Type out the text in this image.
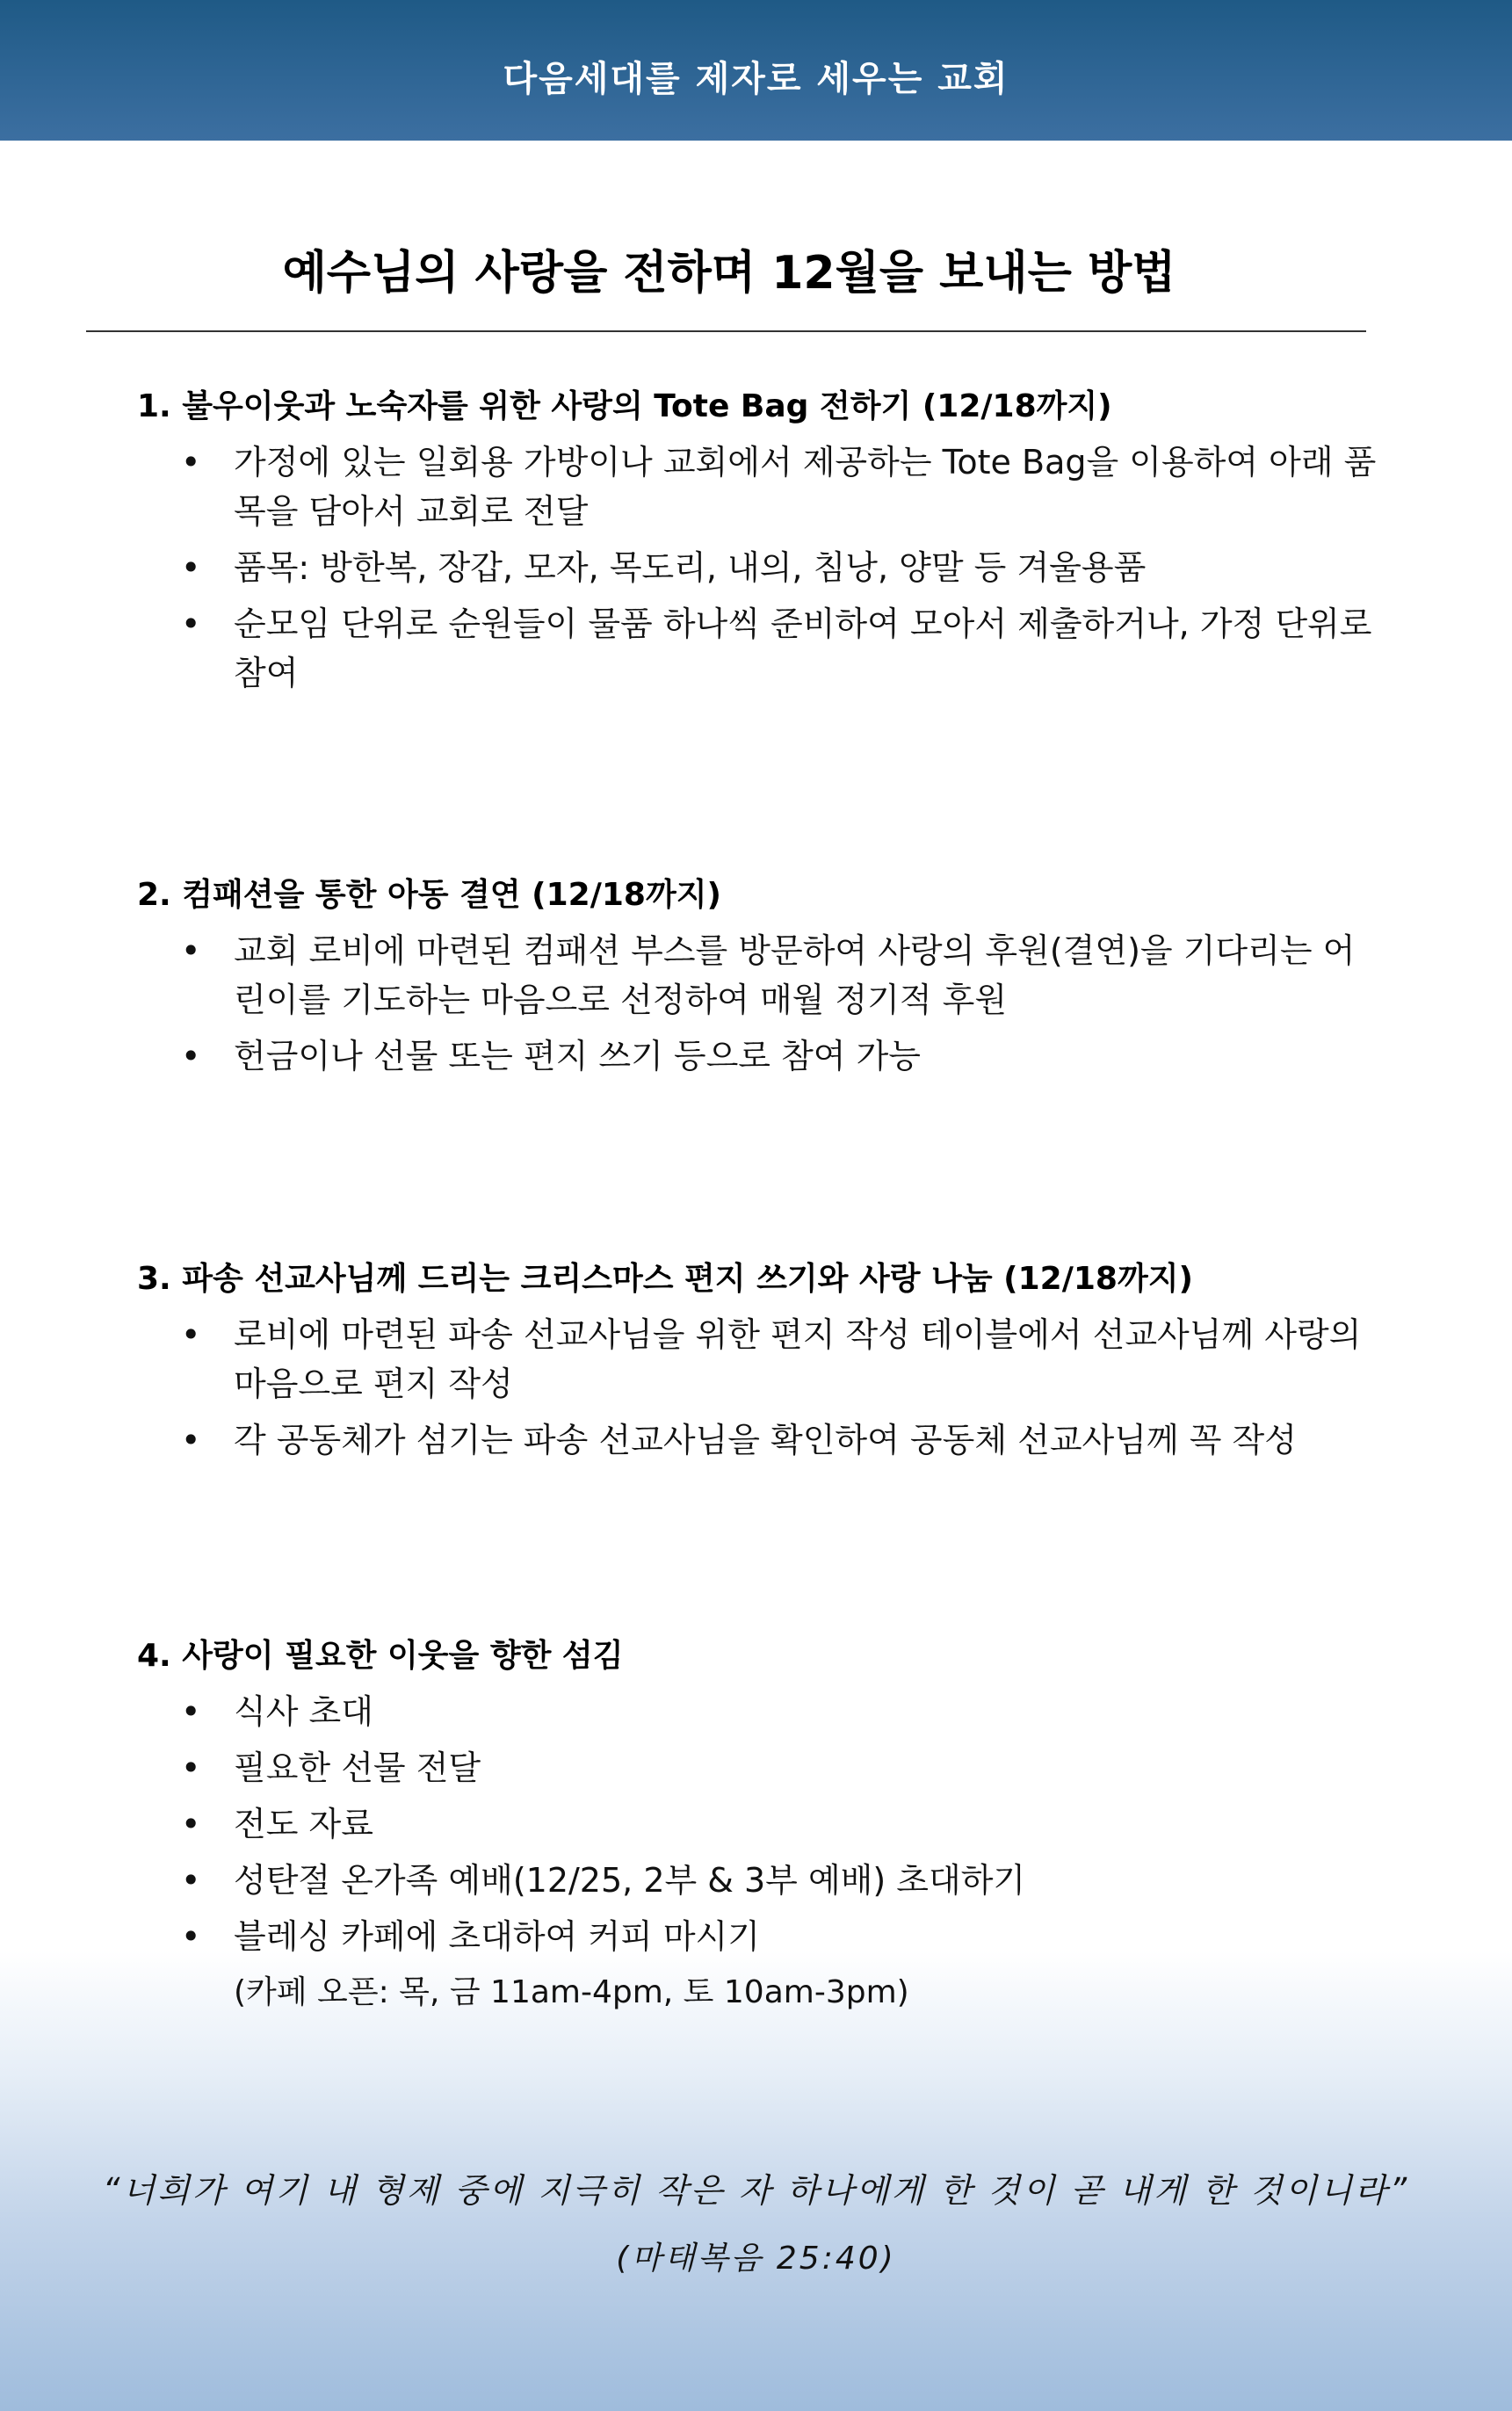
다음세대를 제자로 세우는 교회
예수님의 사랑을 전하며 12월을 보내는 방법
1. 불우이웃과 노숙자를 위한 사랑의 Tote Bag 전하기 (12/18까지)
• 가정에 있는 일회용 가방이나 교회에서 제공하는 Tote Bag을 이용하여 아래 품목을 담아서 교회로 전달
• 품목: 방한복, 장갑, 모자, 목도리, 내의, 침낭, 양말 등 겨울용품
• 순모임 단위로 순원들이 물품 하나씩 준비하여 모아서 제출하거나, 가정 단위로 참여
2. 컴패션을 통한 아동 결연 (12/18까지)
• 교회 로비에 마련된 컴패션 부스를 방문하여 사랑의 후원(결연)을 기다리는 어린이를 기도하는 마음으로 선정하여 매월 정기적 후원
• 헌금이나 선물 또는 편지 쓰기 등으로 참여 가능
3. 파송 선교사님께 드리는 크리스마스 편지 쓰기와 사랑 나눔 (12/18까지)
• 로비에 마련된 파송 선교사님을 위한 편지 작성 테이블에서 선교사님께 사랑의 마음으로 편지 작성
• 각 공동체가 섬기는 파송 선교사님을 확인하여 공동체 선교사님께 꼭 작성
4. 사랑이 필요한 이웃을 향한 섬김
• 식사 초대
• 필요한 선물 전달
• 전도 자료
• 성탄절 온가족 예배(12/25, 2부 & 3부 예배) 초대하기
• 블레싱 카페에 초대하여 커피 마시기
(카페 오픈: 목, 금 11am-4pm, 토 10am-3pm)
“너희가 여기 내 형제 중에 지극히 작은 자 하나에게 한 것이 곧 내게 한 것이니라”
(마태복음 25:40)
